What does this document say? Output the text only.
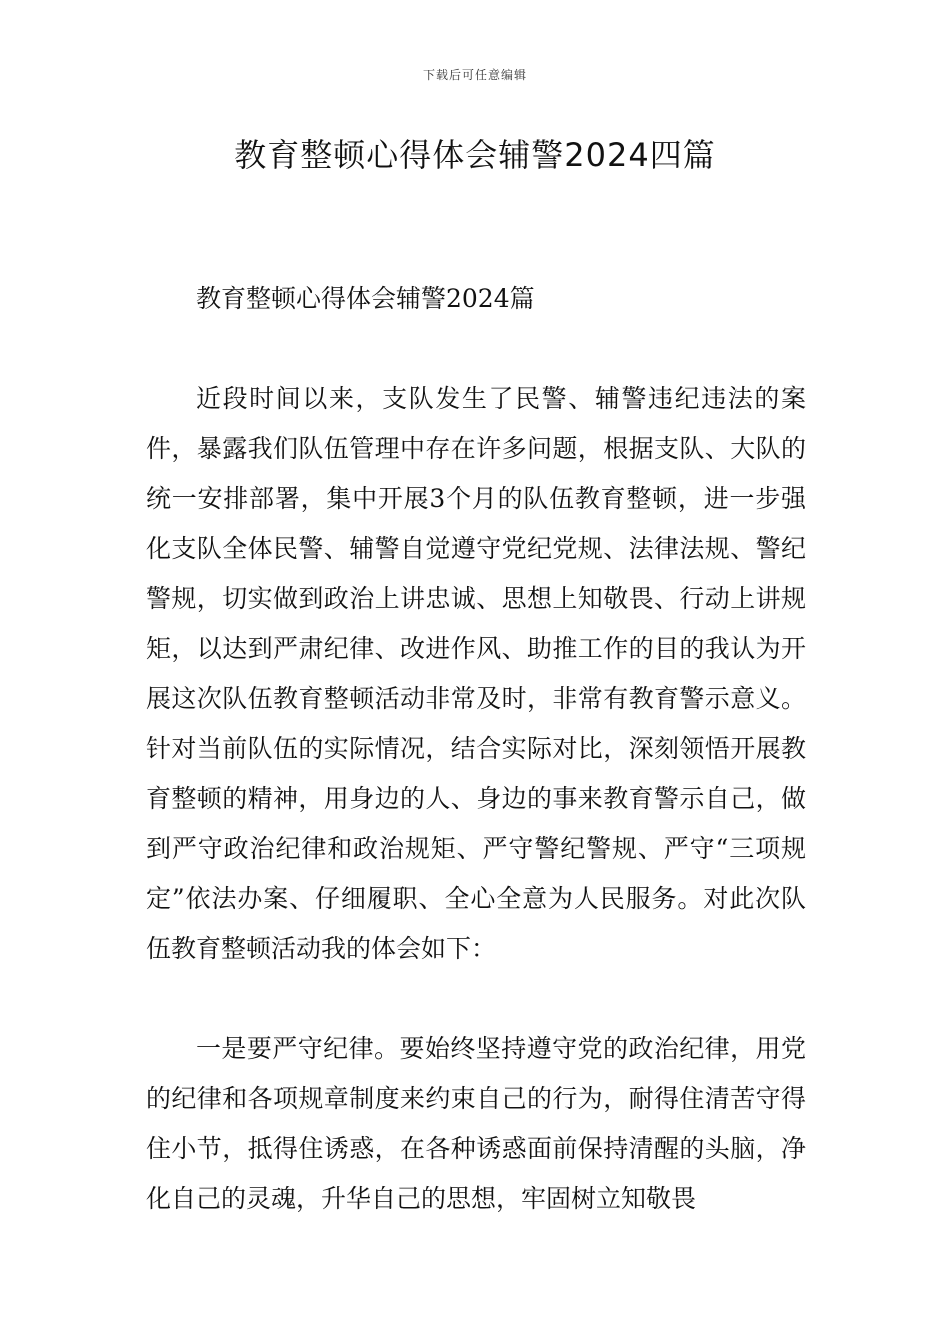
下载后可任意编辑
教育整顿心得体会辅警2024四篇

教育整顿心得体会辅警2024篇

近段时间以来，支队发生了民警、辅警违纪违法的案件，暴露我们队伍管理中存在许多问题，根据支队、大队的统一安排部署，集中开展3个月的队伍教育整顿，进一步强化支队全体民警、辅警自觉遵守党纪党规、法律法规、警纪警规，切实做到政治上讲忠诚、思想上知敬畏、行动上讲规矩，以达到严肃纪律、改进作风、助推工作的目的我认为开展这次队伍教育整顿活动非常及时，非常有教育警示意义。针对当前队伍的实际情况，结合实际对比，深刻领悟开展教育整顿的精神，用身边的人、身边的事来教育警示自己，做到严守政治纪律和政治规矩、严守警纪警规、严守“三项规定”依法办案、仔细履职、全心全意为人民服务。对此次队伍教育整顿活动我的体会如下：

一是要严守纪律。要始终坚持遵守党的政治纪律，用党的纪律和各项规章制度来约束自己的行为，耐得住清苦守得住小节，抵得住诱惑，在各种诱惑面前保持清醒的头脑，净化自己的灵魂，升华自己的思想，牢固树立知敬畏
